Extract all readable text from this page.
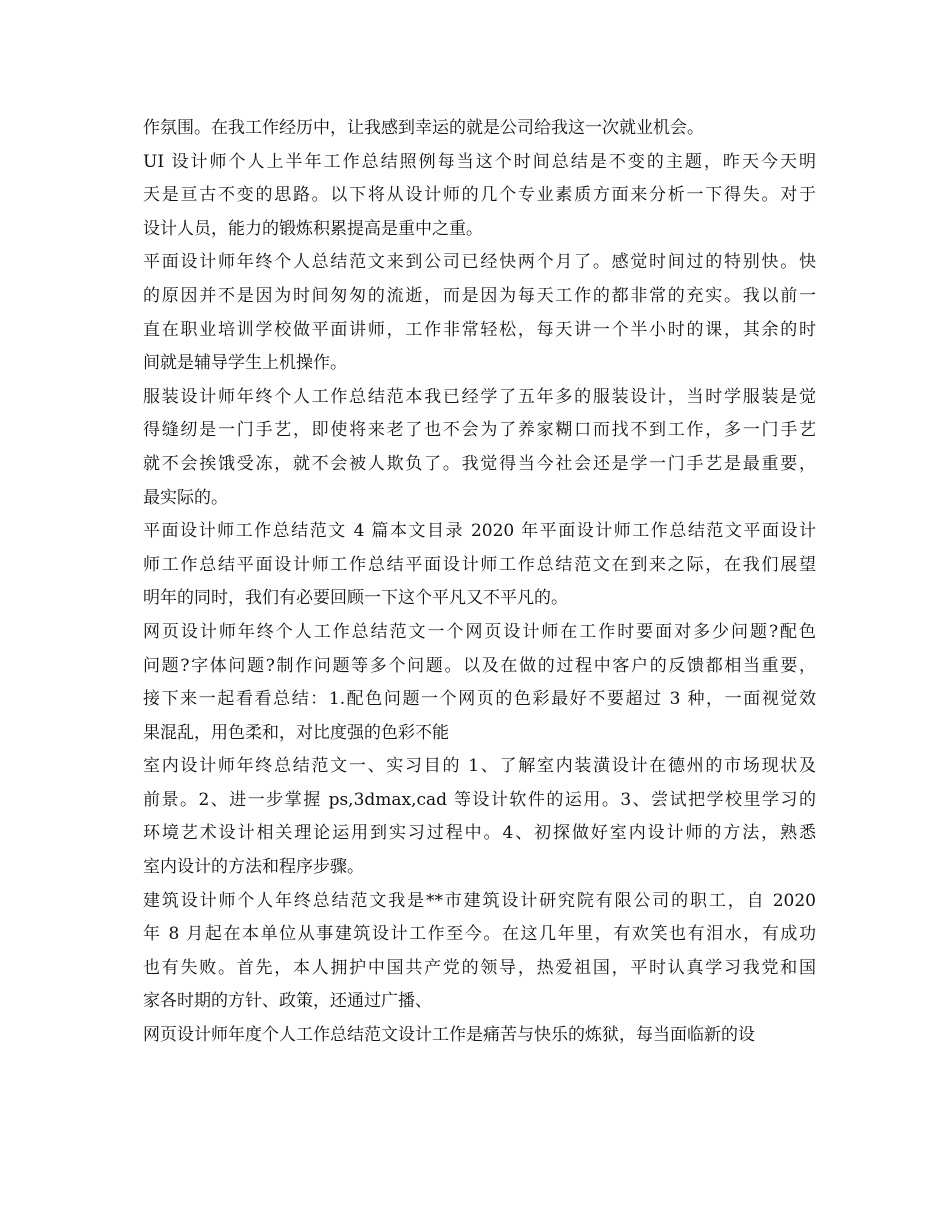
作氛围。在我工作经历中，让我感到幸运的就是公司给我这一次就业机会。
UI 设计师个人上半年工作总结照例每当这个时间总结是不变的主题，昨天今天明
天是亘古不变的思路。以下将从设计师的几个专业素质方面来分析一下得失。对于
设计人员，能力的锻炼积累提高是重中之重。
平面设计师年终个人总结范文来到公司已经快两个月了。感觉时间过的特别快。快
的原因并不是因为时间匆匆的流逝，而是因为每天工作的都非常的充实。我以前一
直在职业培训学校做平面讲师，工作非常轻松，每天讲一个半小时的课，其余的时
间就是辅导学生上机操作。
服装设计师年终个人工作总结范本我已经学了五年多的服装设计，当时学服装是觉
得缝纫是一门手艺，即使将来老了也不会为了养家糊口而找不到工作，多一门手艺
就不会挨饿受冻，就不会被人欺负了。我觉得当今社会还是学一门手艺是最重要，
最实际的。
平面设计师工作总结范文 4 篇本文目录 2020 年平面设计师工作总结范文平面设计
师工作总结平面设计师工作总结平面设计师工作总结范文在到来之际，在我们展望
明年的同时，我们有必要回顾一下这个平凡又不平凡的。
网页设计师年终个人工作总结范文一个网页设计师在工作时要面对多少问题?配色
问题?字体问题?制作问题等多个问题。以及在做的过程中客户的反馈都相当重要，
接下来一起看看总结：1.配色问题一个网页的色彩最好不要超过 3 种，一面视觉效
果混乱，用色柔和，对比度强的色彩不能
室内设计师年终总结范文一、实习目的 1、了解室内装潢设计在德州的市场现状及
前景。2、进一步掌握 ps,3dmax,cad 等设计软件的运用。3、尝试把学校里学习的
环境艺术设计相关理论运用到实习过程中。4、初探做好室内设计师的方法，熟悉
室内设计的方法和程序步骤。
建筑设计师个人年终总结范文我是**市建筑设计研究院有限公司的职工，自 2020
年 8 月起在本单位从事建筑设计工作至今。在这几年里，有欢笑也有泪水，有成功
也有失败。首先，本人拥护中国共产党的领导，热爱祖国，平时认真学习我党和国
家各时期的方针、政策，还通过广播、
网页设计师年度个人工作总结范文设计工作是痛苦与快乐的炼狱，每当面临新的设
